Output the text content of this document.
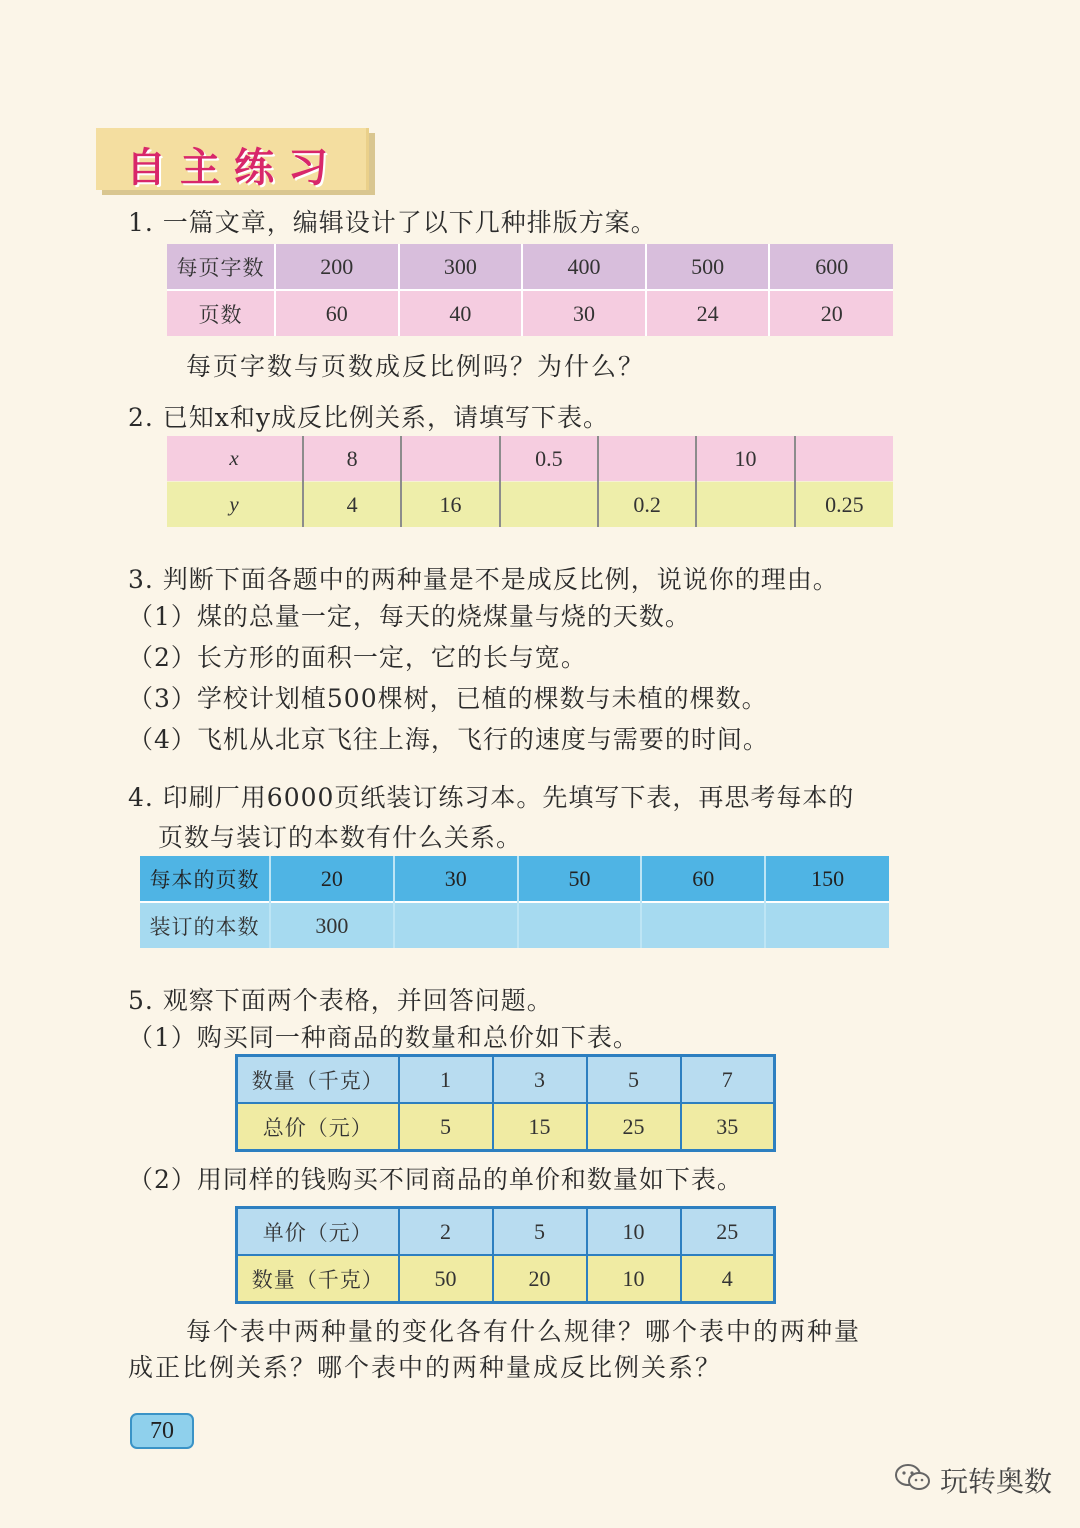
自主练习
1. 一篇文章，编辑设计了以下几种排版方案。
每页字数	200	300	400	500	600
页数	60	40	30	24	20
每页字数与页数成反比例吗？为什么？
2. 已知x和y成反比例关系，请填写下表。
x	8		0.5		10	
y	4	16		0.2		0.25
3. 判断下面各题中的两种量是不是成反比例，说说你的理由。
（1）煤的总量一定，每天的烧煤量与烧的天数。
（2）长方形的面积一定，它的长与宽。
（3）学校计划植500棵树，已植的棵数与未植的棵数。
（4）飞机从北京飞往上海，飞行的速度与需要的时间。
4. 印刷厂用6000页纸装订练习本。先填写下表，再思考每本的
页数与装订的本数有什么关系。
每本的页数	20	30	50	60	150
装订的本数	300				
5. 观察下面两个表格，并回答问题。
（1）购买同一种商品的数量和总价如下表。
数量（千克）	1	3	5	7
总价（元）	5	15	25	35
（2）用同样的钱购买不同商品的单价和数量如下表。
单价（元）	2	5	10	25
数量（千克）	50	20	10	4
每个表中两种量的变化各有什么规律？哪个表中的两种量
成正比例关系？哪个表中的两种量成反比例关系？
70
玩转奥数
